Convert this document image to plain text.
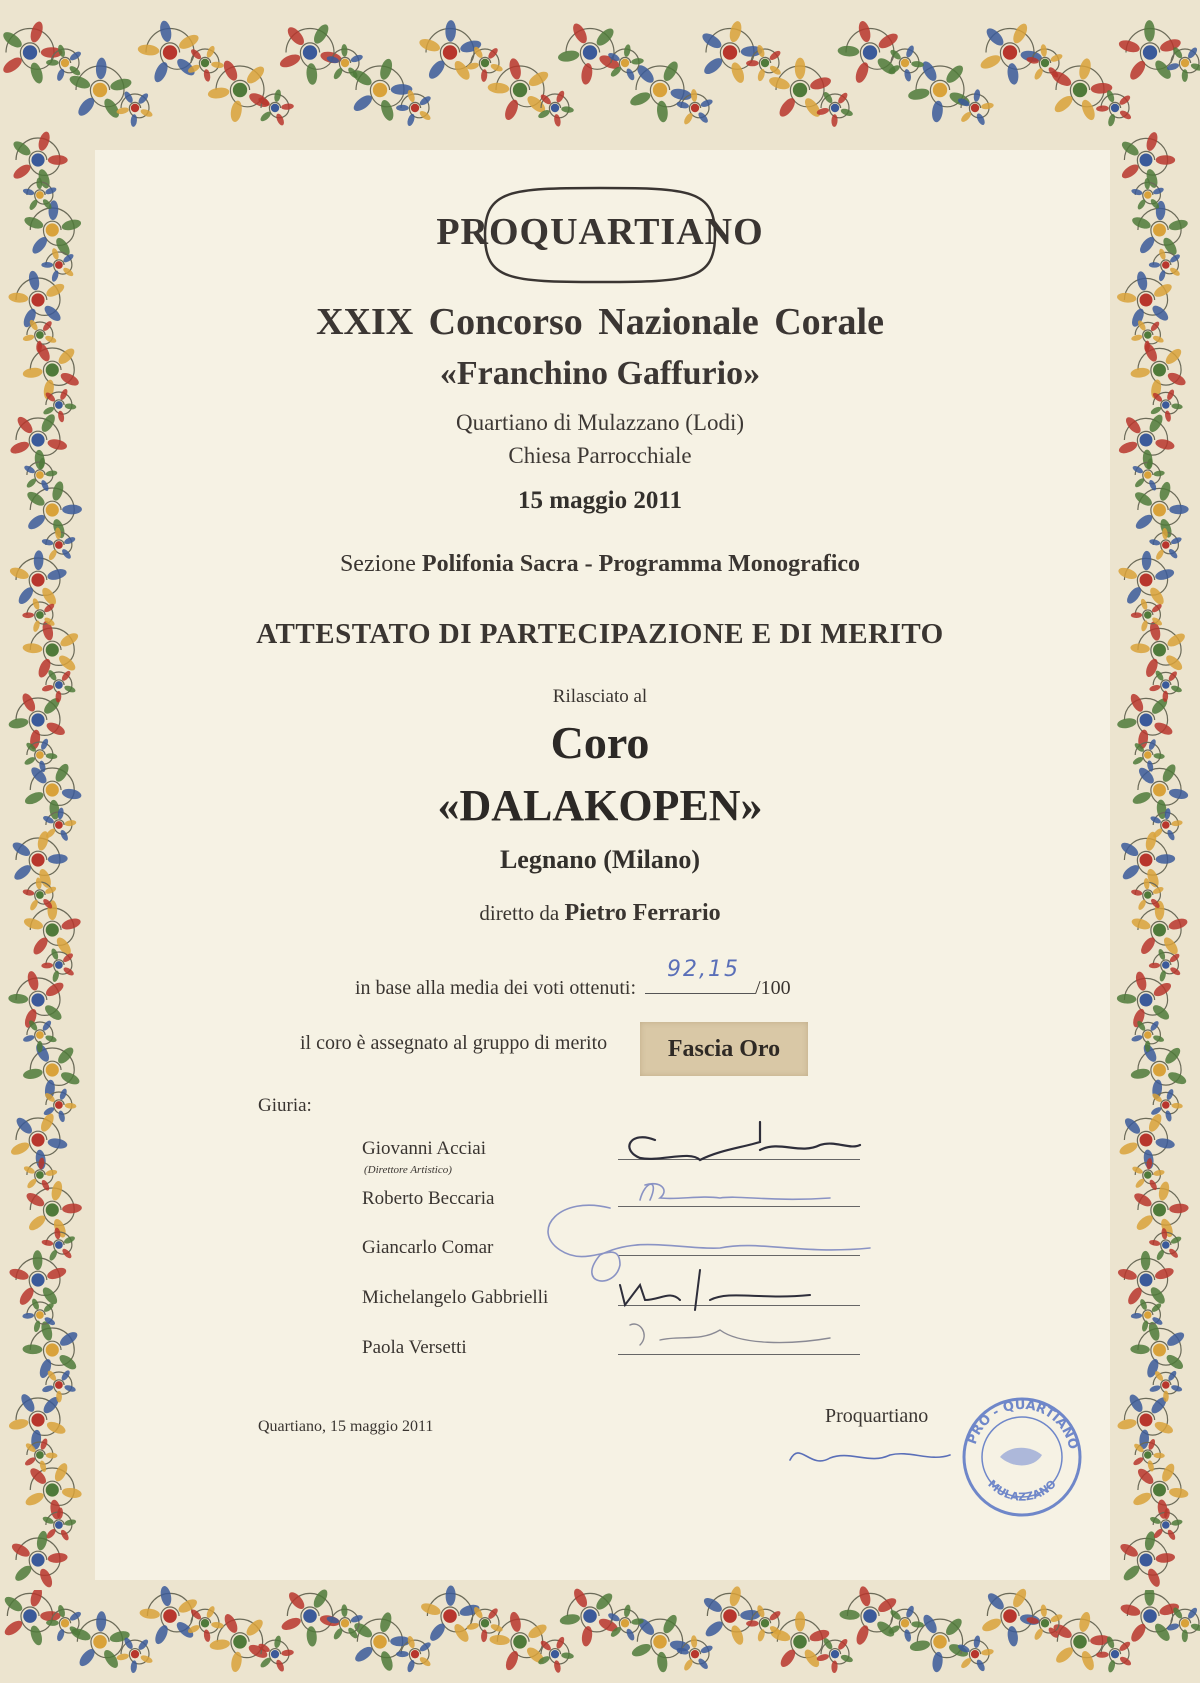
PROQUARTIANO
XXIX Concorso Nazionale Corale
«Franchino Gaffurio»
Quartiano di Mulazzano (Lodi)
Chiesa Parrocchiale
15 maggio 2011
Sezione Polifonia Sacra - Programma Monografico
ATTESTATO DI PARTECIPAZIONE E DI MERITO
Rilasciato al
Coro
«DALAKOPEN»
Legnano (Milano)
diretto da Pietro Ferrario
in base alla media dei voti ottenuti:
92,15
/100
il coro è assegnato al gruppo di merito	Fascia Oro
Giuria:
Giovanni Acciai
(Direttore Artistico)
Roberto Beccaria
Giancarlo Comar
Michelangelo Gabbrielli
Paola Versetti
Quartiano, 15 maggio 2011	Proquartiano
PRO - QUARTIANO
MULAZZANO
